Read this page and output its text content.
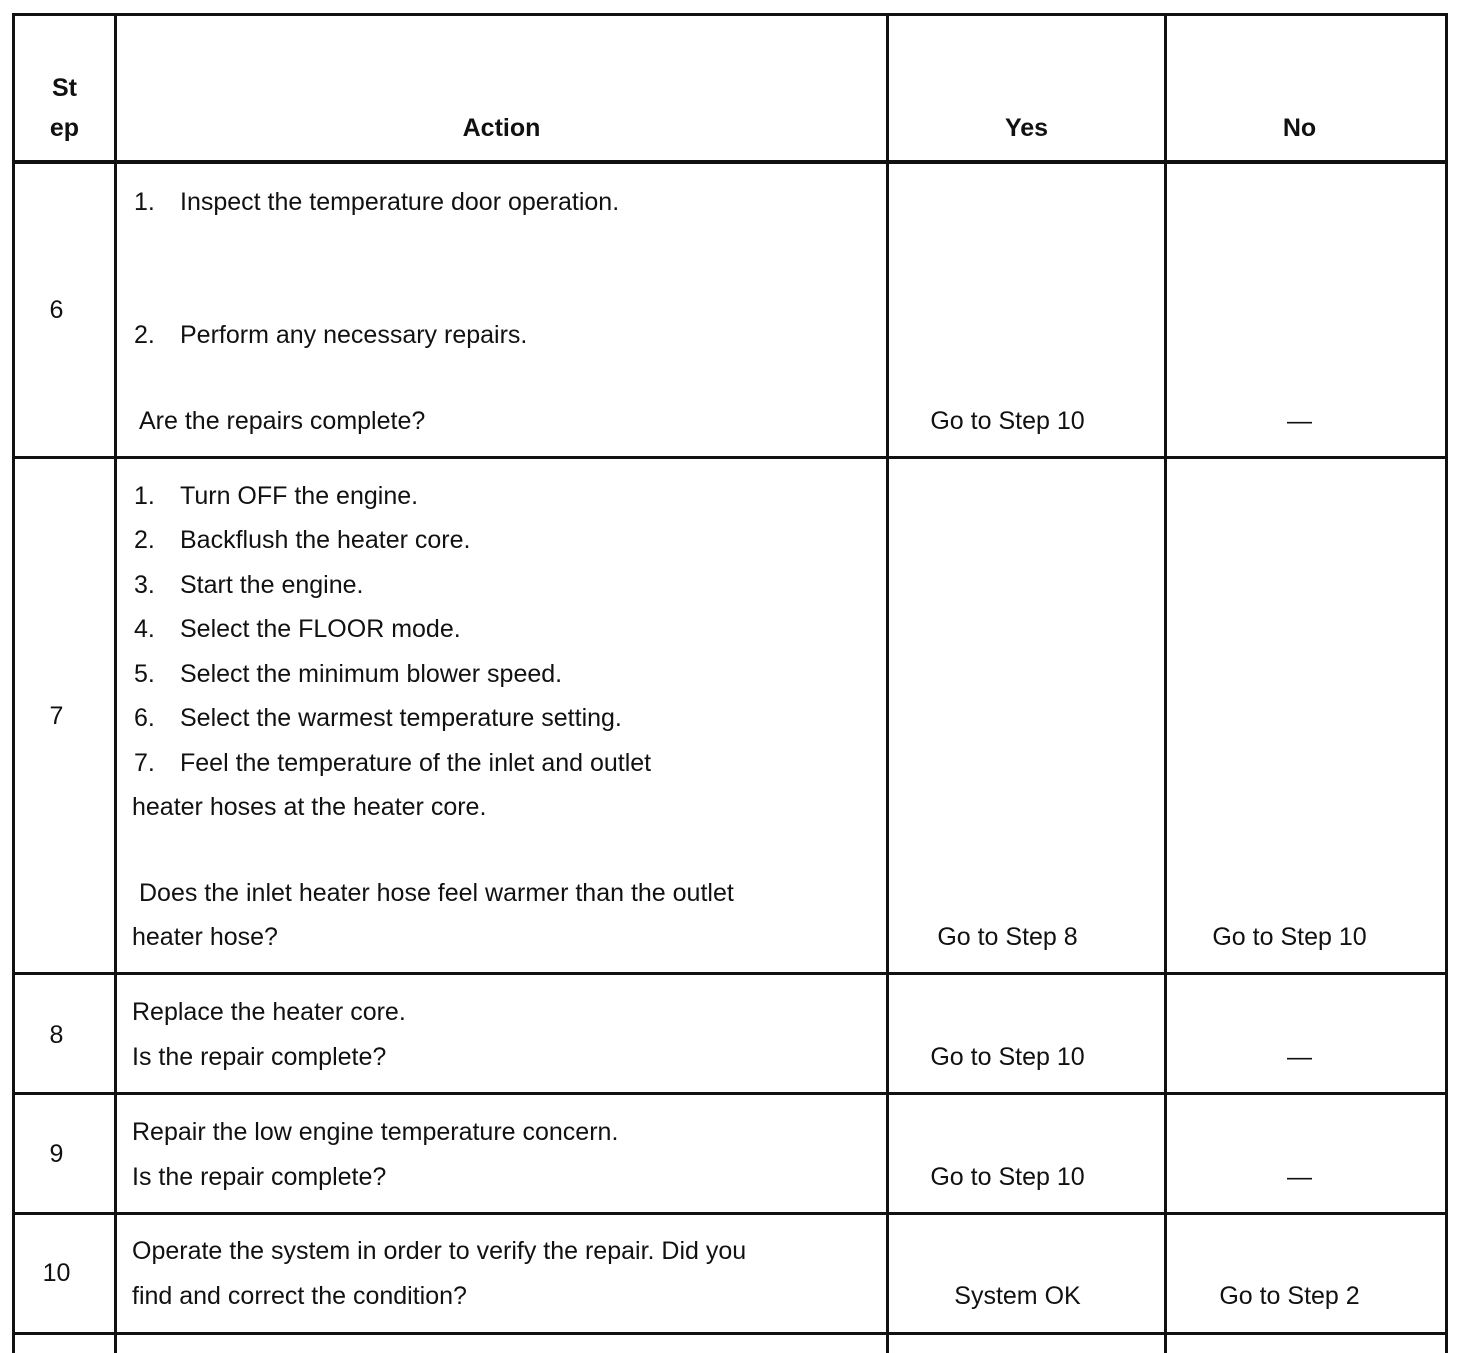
St
ep	Action	Yes	No
6
1. Inspect the temperature door operation.
2. Perform any necessary repairs.
Are the repairs complete?	Go to Step 10	—
7
1. Turn OFF the engine.
2. Backflush the heater core.
3. Start the engine.
4. Select the FLOOR mode.
5. Select the minimum blower speed.
6. Select the warmest temperature setting.
7. Feel the temperature of the inlet and outlet
heater hoses at the heater core.
Does the inlet heater hose feel warmer than the outlet
heater hose?	Go to Step 8	Go to Step 10
8
Replace the heater core.
Is the repair complete?	Go to Step 10	—
9
Repair the low engine temperature concern.
Is the repair complete?	Go to Step 10	—
10
Operate the system in order to verify the repair. Did you
find and correct the condition?	System OK	Go to Step 2
